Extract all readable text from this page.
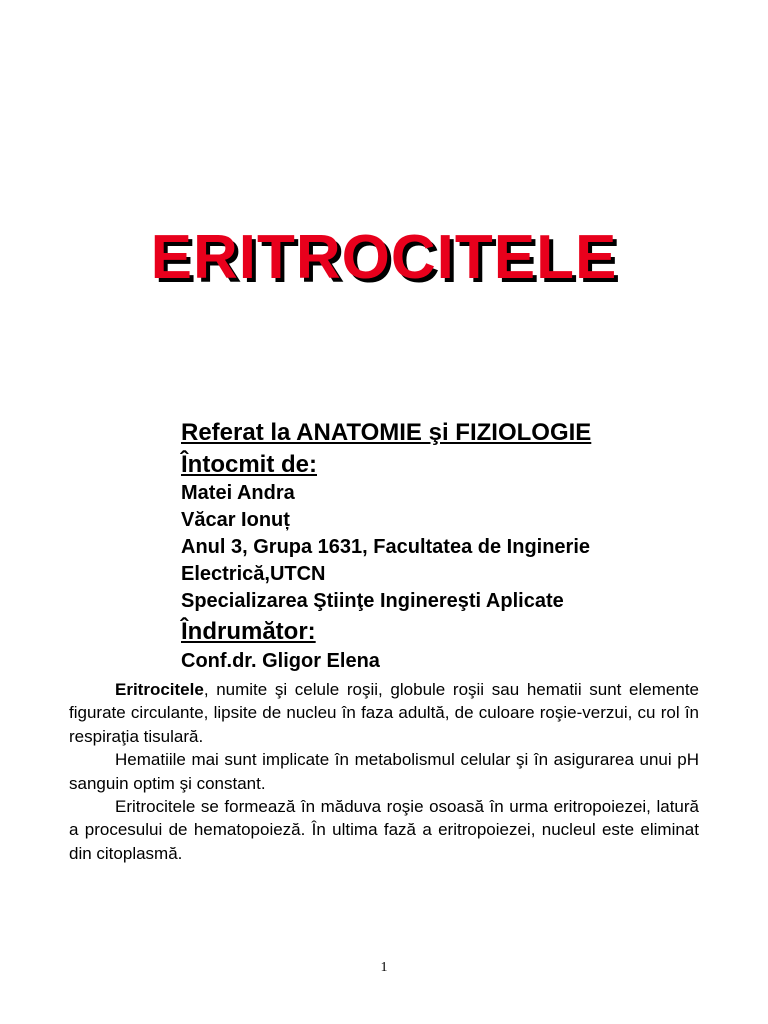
ERITROCITELE
Referat la ANATOMIE şi FIZIOLOGIE
Întocmit de:
Matei Andra
Văcar Ionuț
Anul 3, Grupa 1631, Facultatea de Inginerie
Electrică,UTCN
Specializarea Ştiinţe Inginereşti Aplicate
Îndrumător:
Conf.dr. Gligor Elena

Eritrocitele, numite şi celule roşii, globule roşii sau hematii sunt elemente figurate circulante, lipsite de nucleu în faza adultă, de culoare roşie-verzui, cu rol în respiraţia tisulară.

Hematiile mai sunt implicate în metabolismul celular şi în asigurarea unui pH sanguin optim şi constant.

Eritrocitele se formează în măduva roşie osoasă în urma eritropoiezei, latură a procesului de hematopoieză. În ultima fază a eritropoiezei, nucleul este eliminat din citoplasmă.

1
